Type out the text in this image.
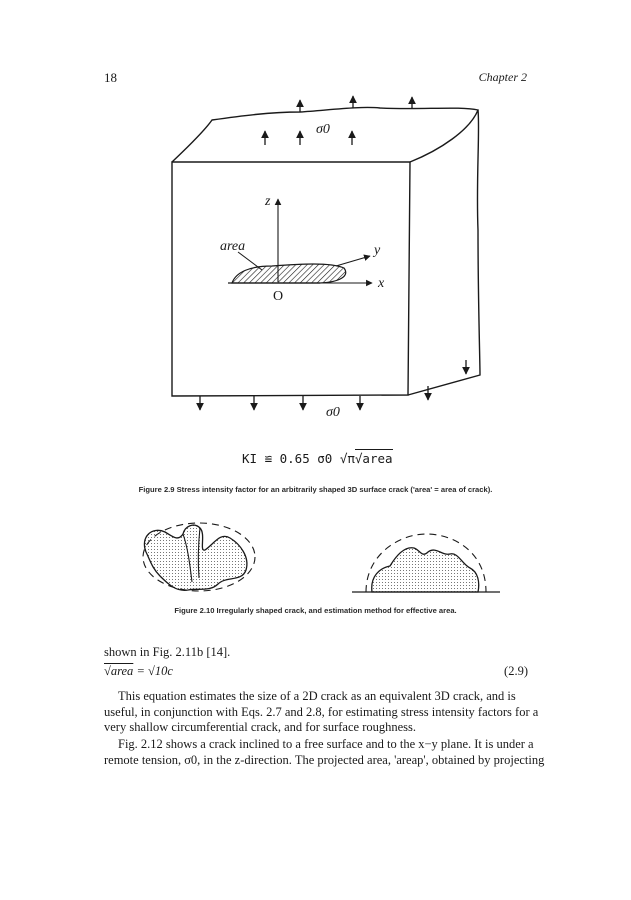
18	Chapter 2
σ0
σ0
z
x
y
area
O
KI ≌ 0.65 σ0 √π√area
Figure 2.9 Stress intensity factor for an arbitrarily shaped 3D surface crack ('area' = area of crack).
Figure 2.10 Irregularly shaped crack, and estimation method for effective area.
shown in Fig. 2.11b [14].
√area = √10c	(2.9)
This equation estimates the size of a 2D crack as an equivalent 3D crack, and is
useful, in conjunction with Eqs. 2.7 and 2.8, for estimating stress intensity factors for a
very shallow circumferential crack, and for surface roughness.
Fig. 2.12 shows a crack inclined to a free surface and to the x−y plane. It is under a
remote tension, σ0, in the z-direction. The projected area, 'areap', obtained by projecting
